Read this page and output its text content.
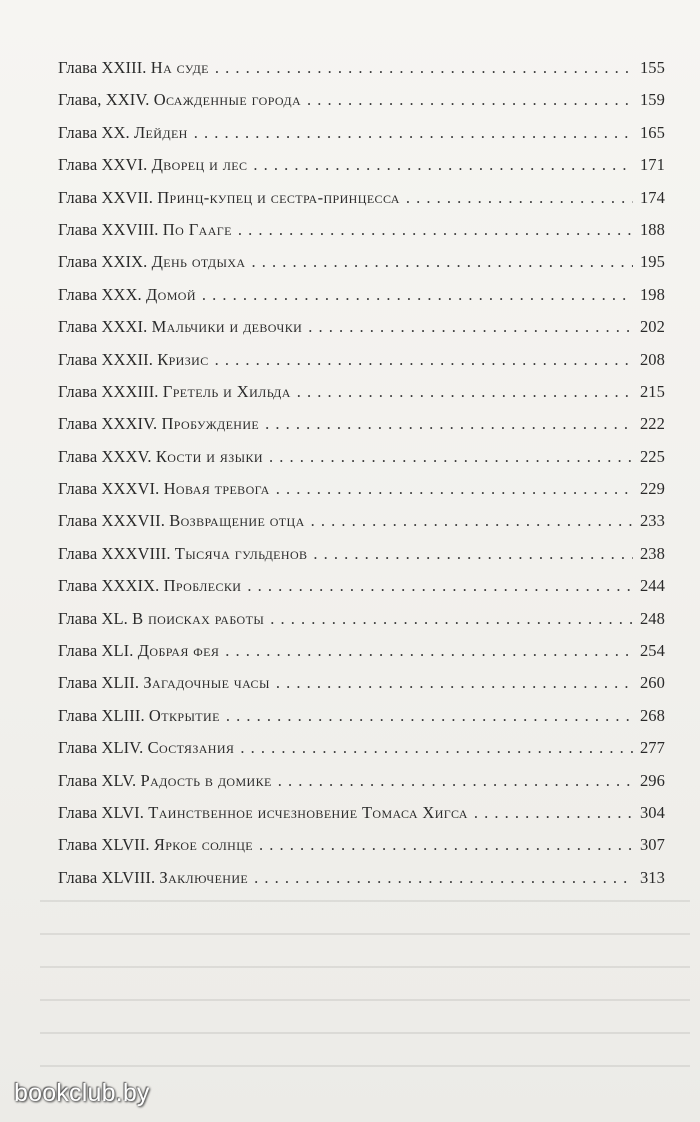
Глава XXIII. На суде . . .	155
Глава, XXIV. Осажденные города . . .	159
Глава XX. Лейден . . .	165
Глава XXVI. Дворец и лес . . .	171
Глава XXVII. Принц-купец и сестра-принцесса . . .	174
Глава XXVIII. По Гааге . . .	188
Глава XXIX. День отдыха . . .	195
Глава XXX. Домой . . .	198
Глава XXXI. Мальчики и девочки . . .	202
Глава XXXII. Кризис . . .	208
Глава XXXIII. Гретель и Хильда . . .	215
Глава XXXIV. Пробуждение . . .	222
Глава XXXV. Кости и языки . . .	225
Глава XXXVI. Новая тревога . . .	229
Глава XXXVII. Возвращение отца . . .	233
Глава XXXVIII. Тысяча гульденов . . .	238
Глава XXXIX. Проблески . . .	244
Глава XL. В поисках работы . . .	248
Глава XLI. Добрая фея . . .	254
Глава XLII. Загадочные часы . . .	260
Глава XLIII. Открытие . . .	268
Глава XLIV. Состязания . . .	277
Глава XLV. Радость в домике . . .	296
Глава XLVI. Таинственное исчезновение Томаса Хигса . . .	304
Глава XLVII. Яркое солнце . . .	307
Глава XLVIII. Заключение . . .	313
bookclub.by
